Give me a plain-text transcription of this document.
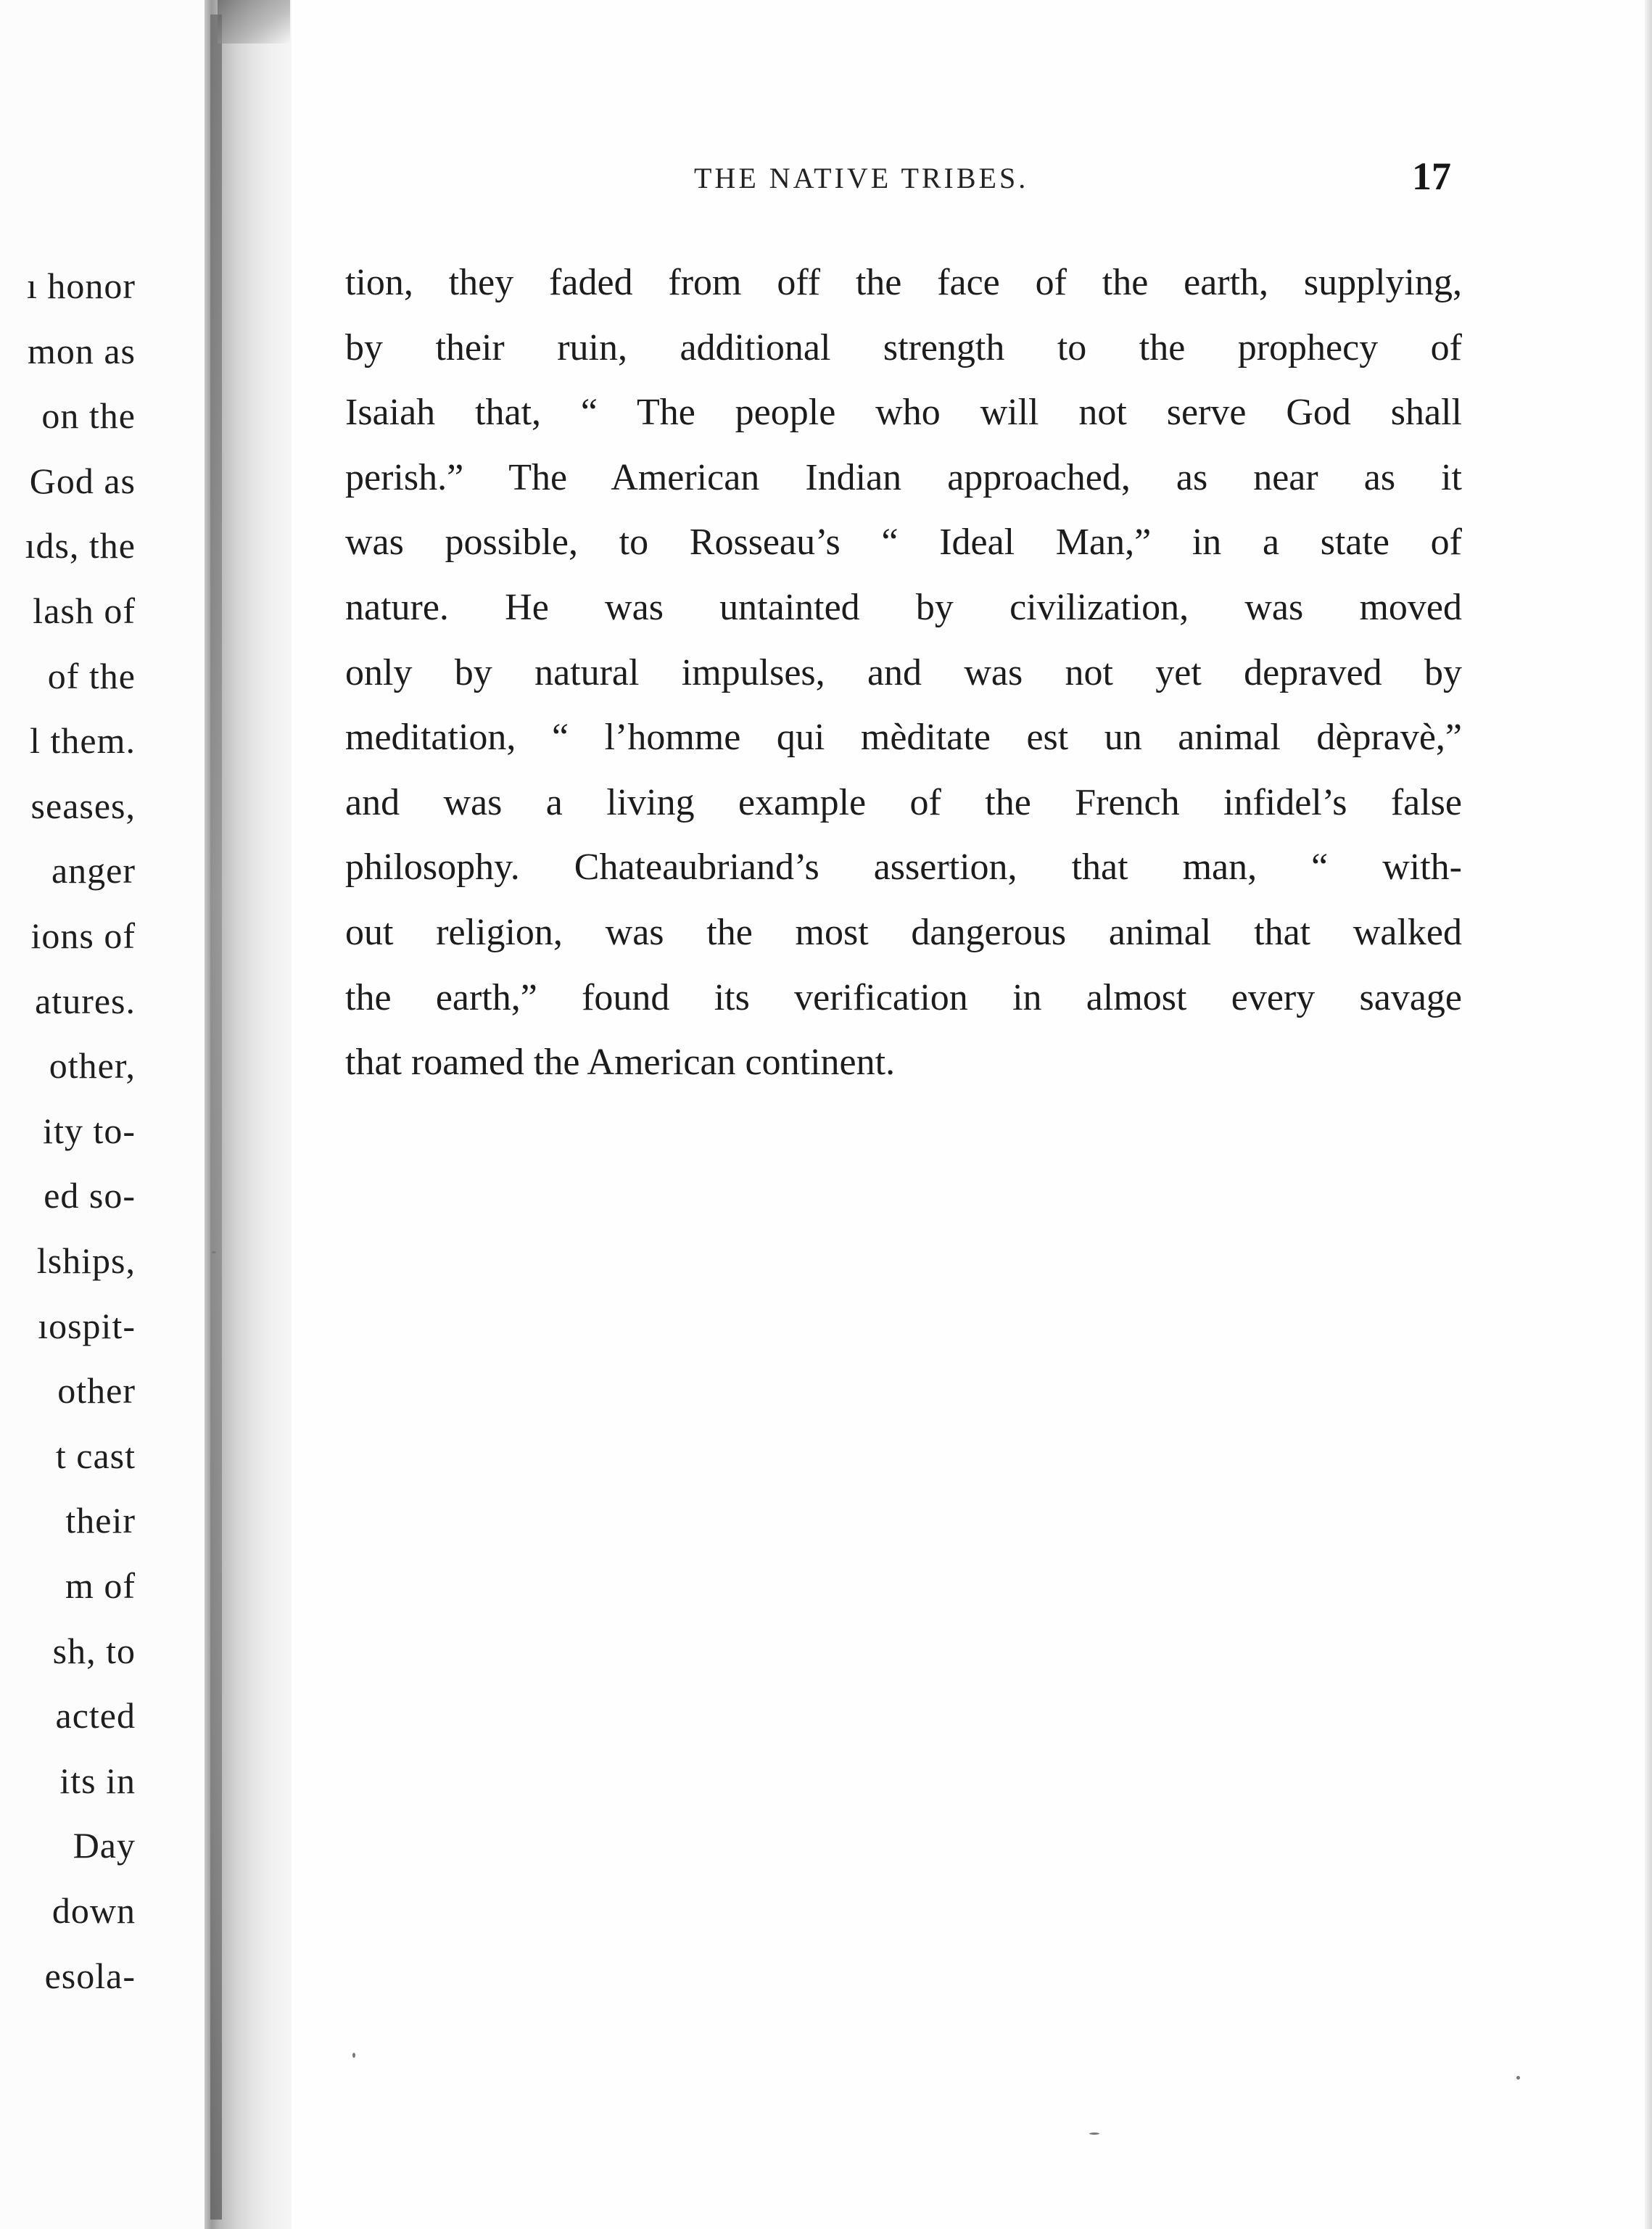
ı honor
mon as
on the
God as
ıds, the
lash of
of the
l them.
seases,
anger
ions of
atures.
other,
ity to-
ed so-
lships,
ıospit-
other
t cast
their
m of
sh, to
acted
its in
Day
down
esola-
THE NATIVE TRIBES.	17
tion, they faded from off the face of the earth, supplying,
by their ruin, additional strength to the prophecy of
Isaiah that, “ The people who will not serve God shall
perish.” The American Indian approached, as near as it
was possible, to Rosseau’s “ Ideal Man,” in a state of
nature. He was untainted by civilization, was moved
only by natural impulses, and was not yet depraved by
meditation, “ l’homme qui mèditate est un animal dèpravè,”
and was a living example of the French infidel’s false
philosophy. Chateaubriand’s assertion, that man, “ with-
out religion, was the most dangerous animal that walked
the earth,” found its verification in almost every savage
that roamed the American continent.
